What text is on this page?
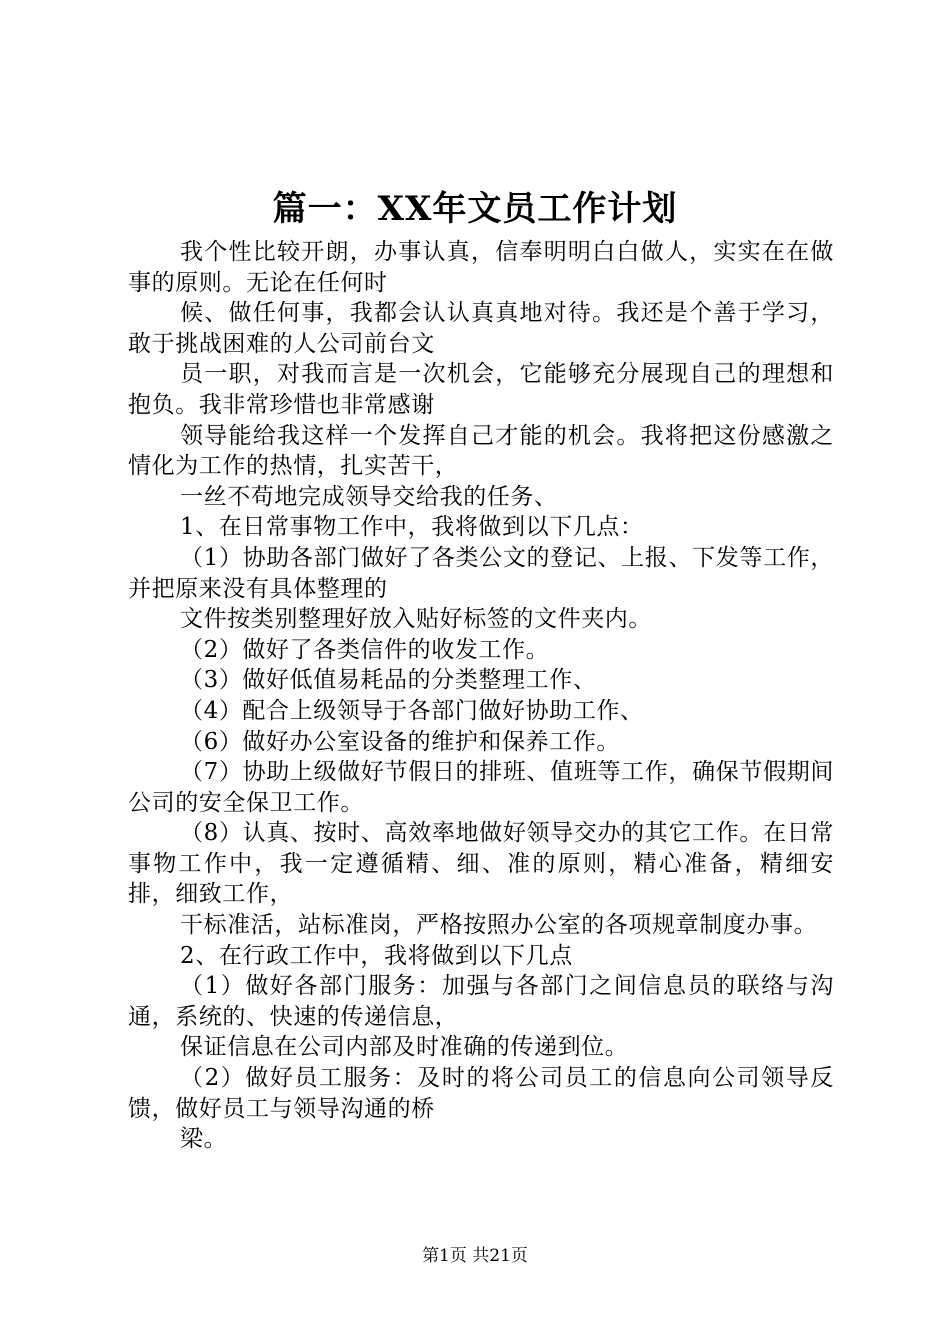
篇一：XX年文员工作计划

我个性比较开朗，办事认真，信奉明明白白做人，实实在在做事的原则。无论在任何时

候、做任何事，我都会认认真真地对待。我还是个善于学习，敢于挑战困难的人公司前台文

员一职，对我而言是一次机会，它能够充分展现自己的理想和抱负。我非常珍惜也非常感谢

领导能给我这样一个发挥自己才能的机会。我将把这份感激之情化为工作的热情，扎实苦干，

一丝不苟地完成领导交给我的任务、

1、在日常事物工作中，我将做到以下几点：

（1）协助各部门做好了各类公文的登记、上报、下发等工作，并把原来没有具体整理的

文件按类别整理好放入贴好标签的文件夹内。

（2）做好了各类信件的收发工作。

（3）做好低值易耗品的分类整理工作、

（4）配合上级领导于各部门做好协助工作、

（6）做好办公室设备的维护和保养工作。

（7）协助上级做好节假日的排班、值班等工作，确保节假期间公司的安全保卫工作。

（8）认真、按时、高效率地做好领导交办的其它工作。在日常事物工作中，我一定遵循精、细、准的原则，精心准备，精细安排，细致工作，

干标准活，站标准岗，严格按照办公室的各项规章制度办事。

2、在行政工作中，我将做到以下几点

（1）做好各部门服务：加强与各部门之间信息员的联络与沟通，系统的、快速的传递信息，

保证信息在公司内部及时准确的传递到位。

（2）做好员工服务：及时的将公司员工的信息向公司领导反馈，做好员工与领导沟通的桥

梁。

第1页 共21页
